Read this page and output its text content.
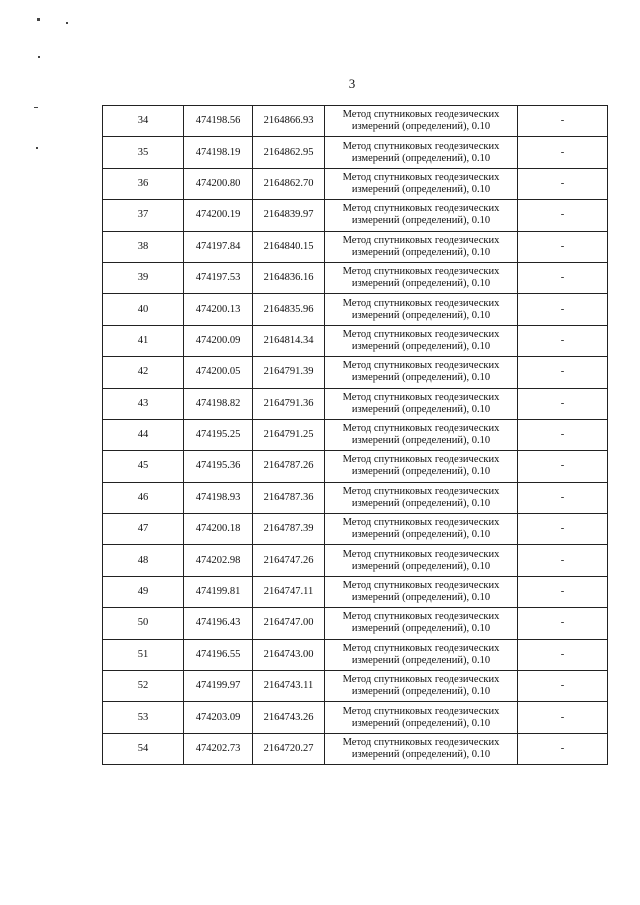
3
34	474198.56	2164866.93	Метод спутниковых геодезических
измерений (определений), 0.10	-
35	474198.19	2164862.95	Метод спутниковых геодезических
измерений (определений), 0.10	-
36	474200.80	2164862.70	Метод спутниковых геодезических
измерений (определений), 0.10	-
37	474200.19	2164839.97	Метод спутниковых геодезических
измерений (определений), 0.10	-
38	474197.84	2164840.15	Метод спутниковых геодезических
измерений (определений), 0.10	-
39	474197.53	2164836.16	Метод спутниковых геодезических
измерений (определений), 0.10	-
40	474200.13	2164835.96	Метод спутниковых геодезических
измерений (определений), 0.10	-
41	474200.09	2164814.34	Метод спутниковых геодезических
измерений (определений), 0.10	-
42	474200.05	2164791.39	Метод спутниковых геодезических
измерений (определений), 0.10	-
43	474198.82	2164791.36	Метод спутниковых геодезических
измерений (определений), 0.10	-
44	474195.25	2164791.25	Метод спутниковых геодезических
измерений (определений), 0.10	-
45	474195.36	2164787.26	Метод спутниковых геодезических
измерений (определений), 0.10	-
46	474198.93	2164787.36	Метод спутниковых геодезических
измерений (определений), 0.10	-
47	474200.18	2164787.39	Метод спутниковых геодезических
измерений (определений), 0.10	-
48	474202.98	2164747.26	Метод спутниковых геодезических
измерений (определений), 0.10	-
49	474199.81	2164747.11	Метод спутниковых геодезических
измерений (определений), 0.10	-
50	474196.43	2164747.00	Метод спутниковых геодезических
измерений (определений), 0.10	-
51	474196.55	2164743.00	Метод спутниковых геодезических
измерений (определений), 0.10	-
52	474199.97	2164743.11	Метод спутниковых геодезических
измерений (определений), 0.10	-
53	474203.09	2164743.26	Метод спутниковых геодезических
измерений (определений), 0.10	-
54	474202.73	2164720.27	Метод спутниковых геодезических
измерений (определений), 0.10	-
